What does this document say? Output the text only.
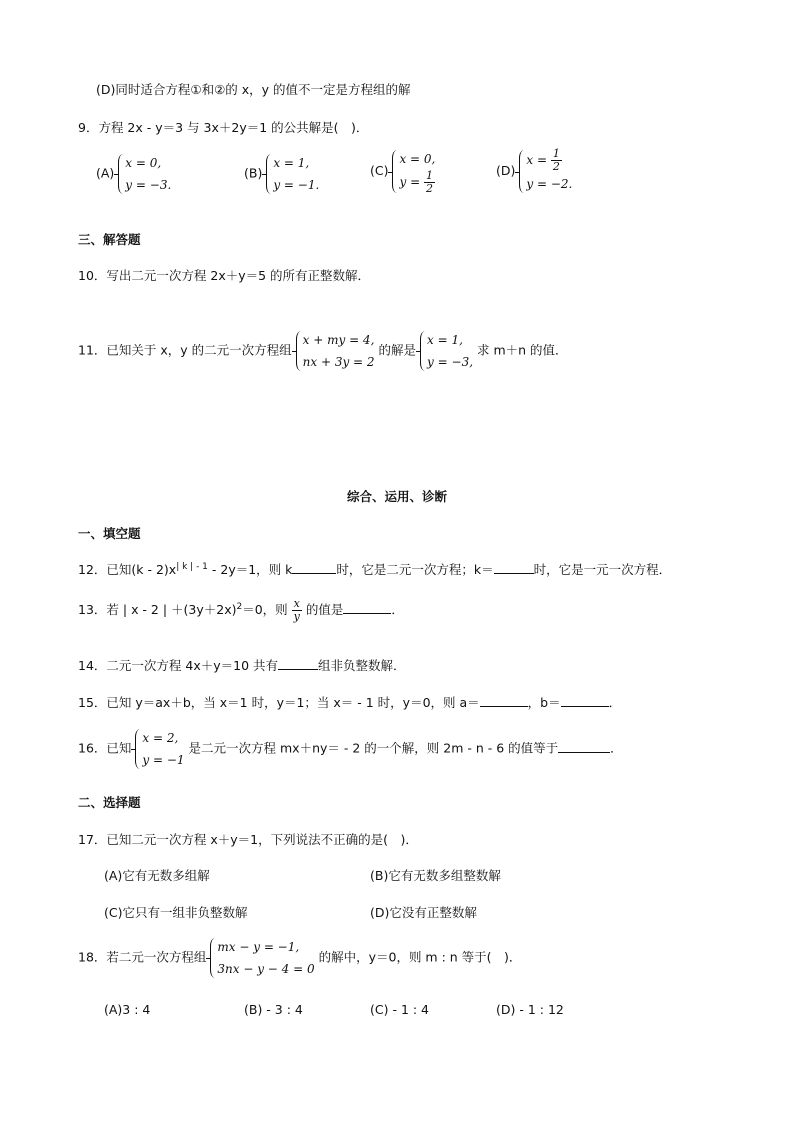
(D)同时适合方程①和②的 x，y 的值不一定是方程组的解
9．方程 2x - y＝3 与 3x＋2y＝1 的公共解是(　)．
(A)
x = 0,
y = −3.
(B)
x = 1,
y = −1.
(C)
x = 0,
$y = \frac{1}{2}$	(D)
$x = \frac{1}{2}$
y = −2.
三、解答题
10．写出二元一次方程 2x＋y＝5 的所有正整数解．
11．已知关于 x，y 的二元一次方程组
x + my = 4,
nx + 3y = 2
的解是
x = 1,
y = −3,
求 m＋n 的值．
综合、运用、诊断
一、填空题
12．已知$(k - 2)x^{| k | - 1} - 2y=1$，则 k	时，它是二元一次方程；k＝	时，它是一元一次方程．
13．若 | x - 2 | $+(3y+2x)^2=0$，则 $\frac{x}{y}$ 的值是	．
14．二元一次方程 4x＋y＝10 共有	组非负整数解．
15．已知 y＝ax＋b，当 x＝1 时，y＝1；当 x＝ - 1 时，y＝0，则 a＝	，b＝	．
16．已知
x = 2,
y = −1
是二元一次方程 mx＋ny＝ - 2 的一个解，则 2m - n - 6 的值等于	．
二、选择题
17．已知二元一次方程 x＋y＝1，下列说法不正确的是(　)．
(A)它有无数多组解	(B)它有无数多组整数解
(C)它只有一组非负整数解	(D)它没有正整数解
18．若二元一次方程组
mx − y = −1,
3nx − y − 4 = 0
的解中，y＝0，则 m : n 等于(　)．
(A)3 : 4	(B) - 3 : 4	(C) - 1 : 4	(D) - 1 : 12
